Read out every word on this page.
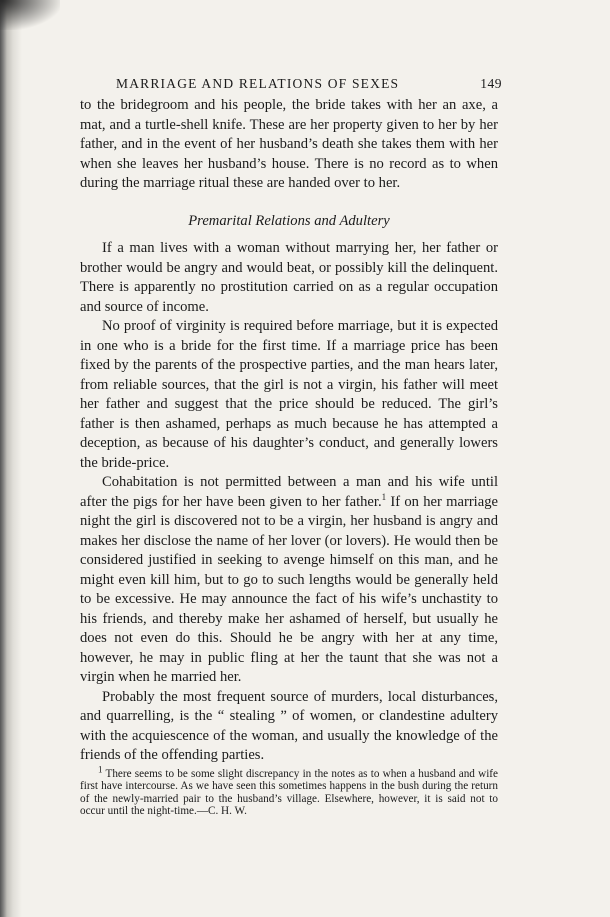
MARRIAGE AND RELATIONS OF SEXES	149

to the bridegroom and his people, the bride takes with her an axe, a mat, and a turtle-shell knife. These are her property given to her by her father, and in the event of her husband’s death she takes them with her when she leaves her husband’s house. There is no record as to when during the marriage ritual these are handed over to her.

Premarital Relations and Adultery

If a man lives with a woman without marrying her, her father or brother would be angry and would beat, or possibly kill the delinquent. There is apparently no prostitution carried on as a regular occupation and source of income.

No proof of virginity is required before marriage, but it is expected in one who is a bride for the first time. If a marriage price has been fixed by the parents of the prospective parties, and the man hears later, from reliable sources, that the girl is not a virgin, his father will meet her father and suggest that the price should be reduced. The girl’s father is then ashamed, perhaps as much because he has attempted a deception, as because of his daughter’s conduct, and generally lowers the bride-price.

Cohabitation is not permitted between a man and his wife until after the pigs for her have been given to her father.$^1$ If on her marriage night the girl is discovered not to be a virgin, her husband is angry and makes her disclose the name of her lover (or lovers). He would then be considered justified in seeking to avenge himself on this man, and he might even kill him, but to go to such lengths would be generally held to be excessive. He may announce the fact of his wife’s unchastity to his friends, and thereby make her ashamed of herself, but usually he does not even do this. Should he be angry with her at any time, however, he may in public fling at her the taunt that she was not a virgin when he married her.

Probably the most frequent source of murders, local disturbances, and quarrelling, is the “ stealing ” of women, or clandestine adultery with the acquiescence of the woman, and usually the knowledge of the friends of the offending parties.

$^1$ There seems to be some slight discrepancy in the notes as to when a husband and wife first have intercourse. As we have seen this sometimes happens in the bush during the return of the newly-married pair to the husband’s village. Elsewhere, however, it is said not to occur until the night-time.—C. H. W.
